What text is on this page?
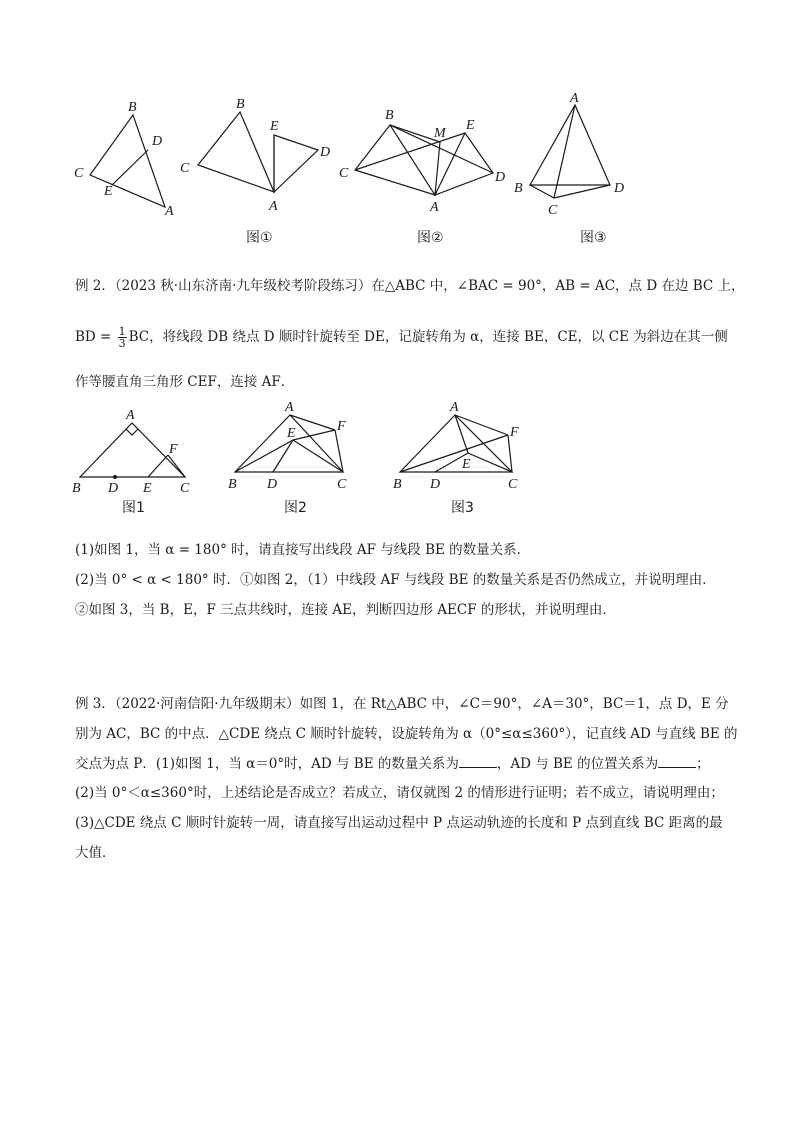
B
D
C
E
A
B
E
D
C
A
B
M
E
C	D
A
A
B	D
C
图①	图②	图③
例 2．（2023 秋·山东济南·九年级校考阶段练习）在△ABC 中，∠BAC = 90°，AB = AC，点 D 在边 BC 上，
BD = $\frac{1}{3}$ BC，将线段 DB 绕点 D 顺时针旋转至 DE，记旋转角为 α，连接 BE，CE，以 CE 为斜边在其一侧
作等腰直角三角形 CEF，连接 AF．
A
F
B D E C
A
F
E
B D	C
A
F
E
B D	C
图1	图2	图3
(1)如图 1，当 α = 180° 时，请直接写出线段 AF 与线段 BE 的数量关系．
(2)当 0° < α < 180° 时．①如图 2，（1）中线段 AF 与线段 BE 的数量关系是否仍然成立，并说明理由．
②如图 3，当 B，E，F 三点共线时，连接 AE，判断四边形 AECF 的形状，并说明理由．
例 3．（2022·河南信阳·九年级期末）如图 1，在 Rt△ABC 中，∠C＝90°，∠A＝30°，BC＝1，点 D，E 分
别为 AC，BC 的中点．△CDE 绕点 C 顺时针旋转，设旋转角为 α（0°≤α≤360°），记直线 AD 与直线 BE 的
交点为点 P．(1)如图 1，当 α＝0°时，AD 与 BE 的数量关系为	，AD 与 BE 的位置关系为	；
(2)当 0°＜α≤360°时，上述结论是否成立？若成立，请仅就图 2 的情形进行证明；若不成立，请说明理由；
(3)△CDE 绕点 C 顺时针旋转一周，请直接写出运动过程中 P 点运动轨迹的长度和 P 点到直线 BC 距离的最
大值．
